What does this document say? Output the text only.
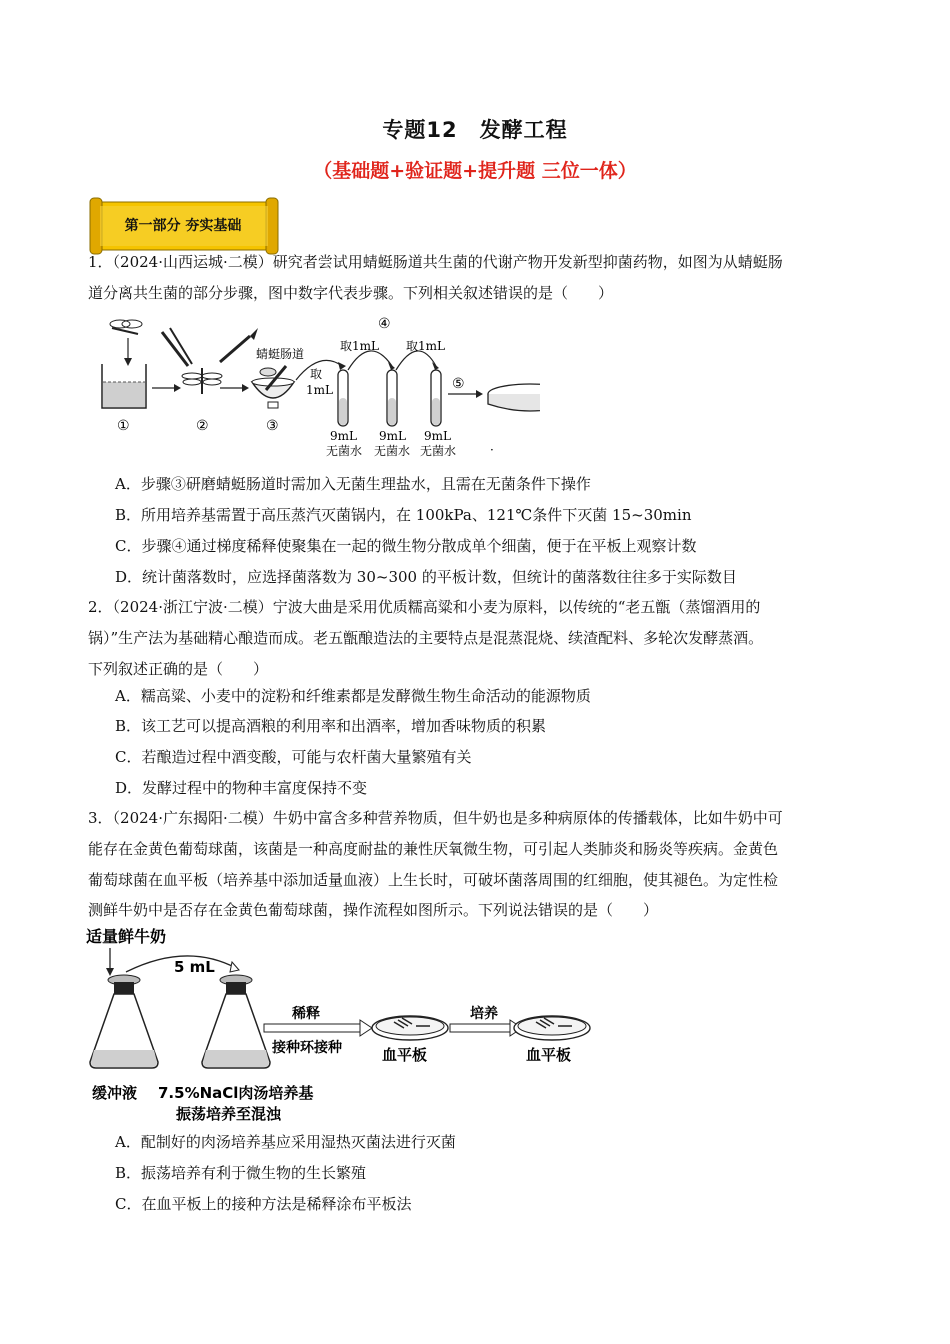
专题12　发酵工程
（基础题+验证题+提升题 三位一体）
第一部分 夯实基础
1．（2024·山西运城·二模）研究者尝试用蜻蜓肠道共生菌的代谢产物开发新型抑菌药物，如图为从蜻蜓肠
道分离共生菌的部分步骤，图中数字代表步骤。下列相关叙述错误的是（　　）
①	②
蜻蜓肠道
③
取
1mL
④
取1mL 取1mL
9mL 9mL 9mL
无菌水 无菌水 无菌水
⑤
·
A．步骤③研磨蜻蜓肠道时需加入无菌生理盐水，且需在无菌条件下操作
B．所用培养基需置于高压蒸汽灭菌锅内，在 100kPa、121℃条件下灭菌 15~30min
C．步骤④通过梯度稀释使聚集在一起的微生物分散成单个细菌，便于在平板上观察计数
D．统计菌落数时，应选择菌落数为 30~300 的平板计数，但统计的菌落数往往多于实际数目
2．（2024·浙江宁波·二模）宁波大曲是采用优质糯高粱和小麦为原料，以传统的“老五甑（蒸馏酒用的
锅）”生产法为基础精心酿造而成。老五甑酿造法的主要特点是混蒸混烧、续渣配料、多轮次发酵蒸酒。
下列叙述正确的是（　　）
A．糯高粱、小麦中的淀粉和纤维素都是发酵微生物生命活动的能源物质
B．该工艺可以提高酒粮的利用率和出酒率，增加香味物质的积累
C．若酿造过程中酒变酸，可能与农杆菌大量繁殖有关
D．发酵过程中的物种丰富度保持不变
3．（2024·广东揭阳·二模）牛奶中富含多种营养物质，但牛奶也是多种病原体的传播载体，比如牛奶中可
能存在金黄色葡萄球菌，该菌是一种高度耐盐的兼性厌氧微生物，可引起人类肺炎和肠炎等疾病。金黄色
葡萄球菌在血平板（培养基中添加适量血液）上生长时，可破坏菌落周围的红细胞，使其褪色。为定性检
测鲜牛奶中是否存在金黄色葡萄球菌，操作流程如图所示。下列说法错误的是（　　）
适量鲜牛奶
5 mL
稀释
接种环接种	血平板
培养
血平板
缓冲液 7.5%NaCl肉汤培养基
振荡培养至混浊
A．配制好的肉汤培养基应采用湿热灭菌法进行灭菌
B．振荡培养有利于微生物的生长繁殖
C．在血平板上的接种方法是稀释涂布平板法
